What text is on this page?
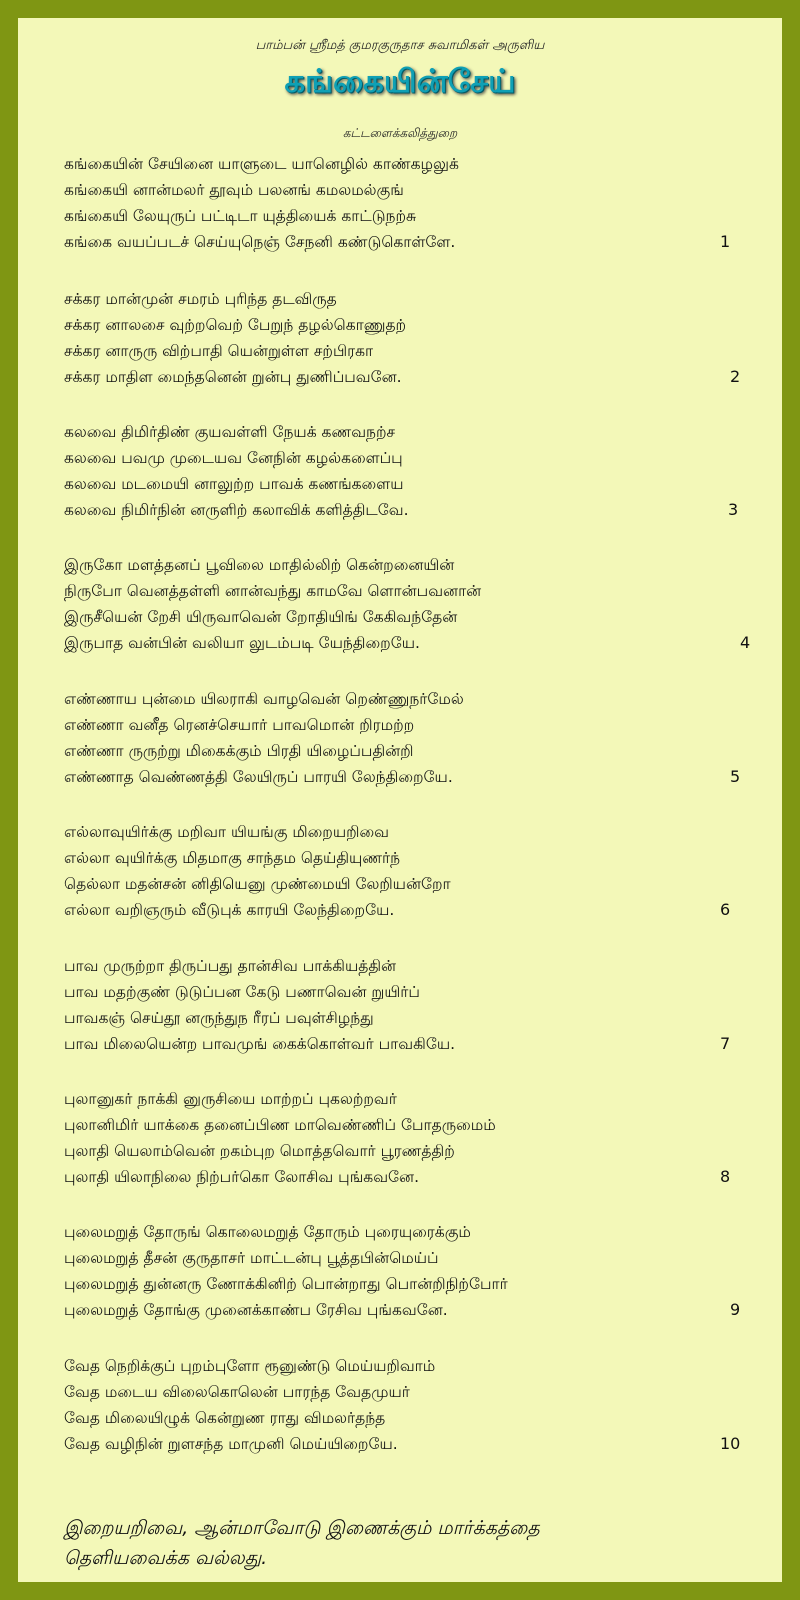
பாம்பன் ஸ்ரீமத் குமரகுருதாச சுவாமிகள் அருளிய
கங்கையின்சேய்
கட்டளைக்கலித்துறை
கங்கையின் சேயினை யாளுடை யானெழில் காண்கழலுக்
கங்கையி னான்மலர் தூவும் பலனங் கமலமல்குங்
கங்கையி லேயுருப் பட்டிடா யுத்தியைக் காட்டுநற்சு
கங்கை வயப்படச் செய்யுநெஞ் சேநனி கண்டுகொள்ளே.	1
சக்கர மான்முன் சமரம் புரிந்த தடவிருத
சக்கர னாலசை வுற்றவெற் பேறுந் தழல்கொணுதற்
சக்கர னாருரு விற்பாதி யென்றுள்ள சற்பிரகா
சக்கர மாதிள மைந்தனென் றுன்பு துணிப்பவனே.	2
கலவை திமிர்திண் குயவள்ளி நேயக் கணவநற்ச
கலவை பவமு முடையவ னேநின் கழல்களைப்பு
கலவை மடமையி னாலுற்ற பாவக் கணங்களைய
கலவை நிமிர்நின் னருளிற் கலாவிக் களித்திடவே.	3
இருகோ மளத்தனப் பூவிலை மாதில்லிற் கென்றனையின்
நிருபோ வெனத்தள்ளி னான்வந்து காமவே ளொன்பவனான்
இருசீயென் றேசி யிருவாவென் றோதியிங் கேகிவந்தேன்
இருபாத வன்பின் வலியா லுடம்படி யேந்திறையே.	4
எண்ணாய புன்மை யிலராகி வாழவென் றெண்ணுநர்மேல்
எண்ணா வனீத ரெனச்செயார் பாவமொன் றிரமற்ற
எண்ணா ருருற்று மிகைக்கும் பிரதி யிழைப்பதின்றி
எண்ணாத வெண்ணத்தி லேயிருப் பாரயி லேந்திறையே.	5
எல்லாவுயிர்க்கு மறிவா யியங்கு மிறையறிவை
எல்லா வுயிர்க்கு மிதமாகு சாந்தம தெய்தியுணர்ந்
தெல்லா மதன்சன் னிதியெனு முண்மையி லேறியன்றோ
எல்லா வறிஞரும் வீடுபுக் காரயி லேந்திறையே.	6
பாவ முருற்றா திருப்பது தான்சிவ பாக்கியத்தின்
பாவ மதற்குண் டுடுப்பன கேடு பணாவென் றுயிர்ப்
பாவகஞ் செய்தூ னருந்துந ரீரப் பவுள்சிழந்து
பாவ மிலையென்ற பாவமுங் கைக்கொள்வர் பாவகியே.	7
புலானுகர் நாக்கி னுருசியை மாற்றப் புகலற்றவர்
புலானிமிர் யாக்கை தனைப்பிண மாவெண்ணிப் போதருமைம்
புலாதி யெலாம்வென் றகம்புற மொத்தவொர் பூரணத்திற்
புலாதி யிலாநிலை நிற்பர்கொ லோசிவ புங்கவனே.	8
புலைமறுத் தோருங் கொலைமறுத் தோரும் புரையுரைக்கும்
புலைமறுத் தீசன் குருதாசர் மாட்டன்பு பூத்தபின்மெய்ப்
புலைமறுத் துன்னரு ணோக்கினிற் பொன்றாது பொன்றிநிற்போர்
புலைமறுத் தோங்கு முனைக்காண்ப ரேசிவ புங்கவனே.	9
வேத நெறிக்குப் புறம்புளோ ரூனுண்டு மெய்யறிவாம்
வேத மடைய விலைகொலென் பாரந்த வேதமுயர்
வேத மிலையிழுக் கென்றுண ராது விமலர்தந்த
வேத வழிநின் றுளசந்த மாமுனி மெய்யிறையே.	10
இறையறிவை, ஆன்மாவோடு இணைக்கும் மார்க்கத்தை
தெளியவைக்க வல்லது.
